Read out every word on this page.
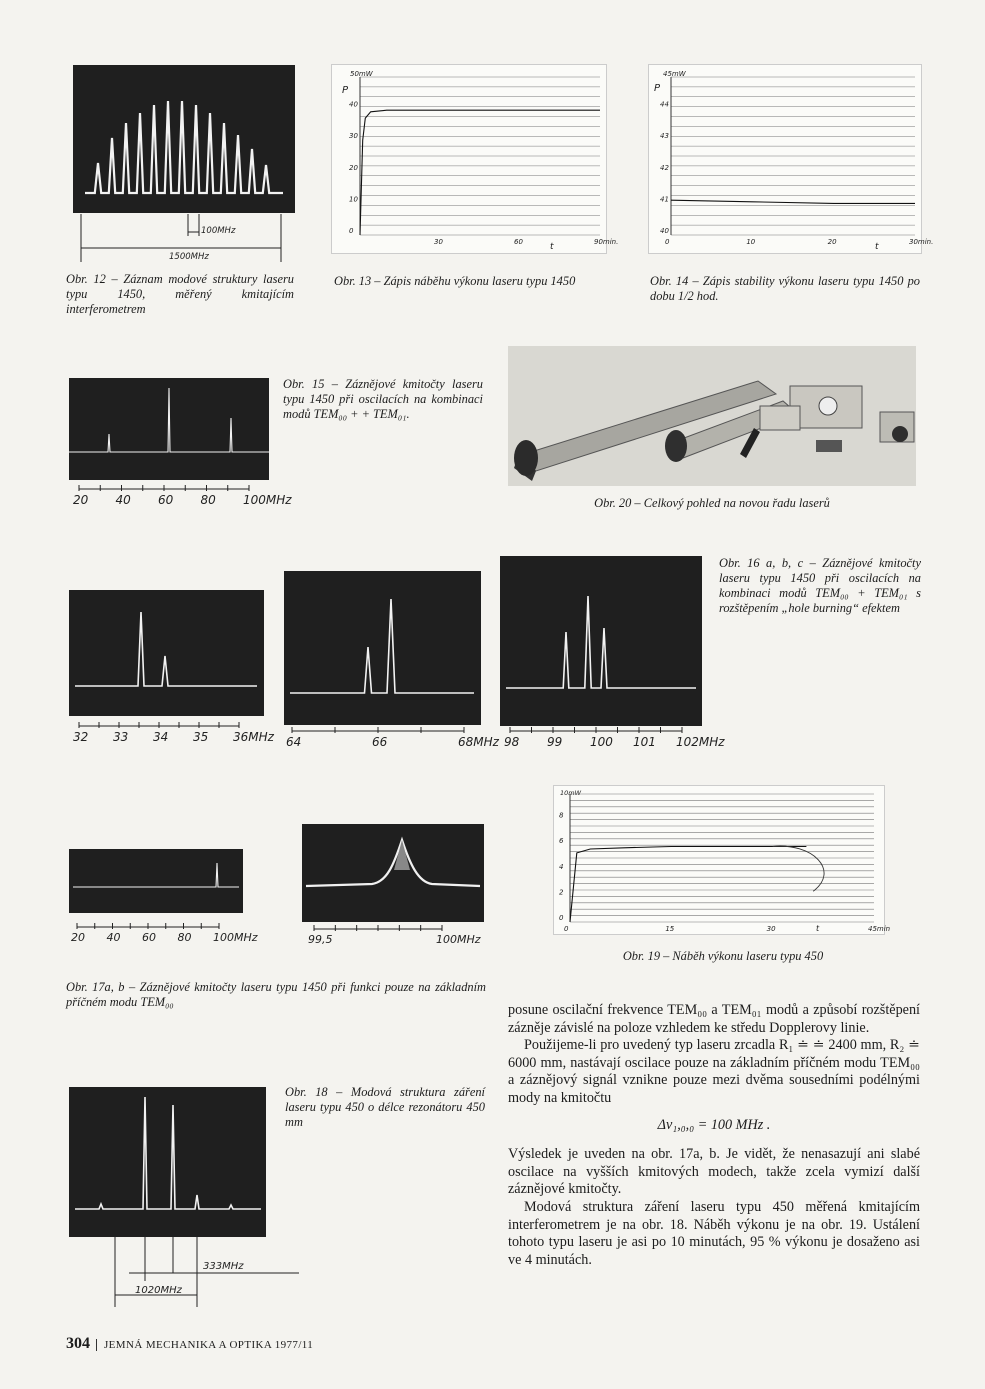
100MHz
1500MHz
Obr. 12 – Záznam modové struktury laseru typu 1450, měřený kmitajícím interferometrem
50mW
P
t
40
30
20
10
0
30	60	90min.
Obr. 13 – Zápis náběhu výkonu laseru typu 1450
45mW
P
t
44
43
42
41
40
0	10	20	30min.
Obr. 14 – Zápis stability výkonu laseru typu 1450 po dobu 1/2 hod.
20 40 60 80 100MHz
Obr. 15 – Záznějové kmitočty laseru typu 1450 při oscilacích na kombinaci modů TEM₀₀ + + TEM₀₁.
Obr. 20 – Celkový pohled na novou řadu laserů
32 33 34 35 36MHz 64	66	68MHz 98 99 100 101 102MHz
Obr. 16 a, b, c – Záznějové kmitočty laseru typu 1450 při oscilacích na kombinaci modů TEM₀₀ + TEM₀₁ s rozštěpením „hole burning“ efektem
10mW
t
8
6
4
2
0
0	15	30	45min
Obr. 19 – Náběh výkonu laseru typu 450
20 40 60 80 100MHz	99,5	100MHz
Obr. 17a, b – Záznějové kmitočty laseru typu 1450 při funkci pouze na základním příčném modu TEM₀₀
333MHz
1020MHz
Obr. 18 – Modová struktura záření laseru typu 450 o délce rezonátoru 450 mm

posune oscilační frekvence TEM₀₀ a TEM₀₁ modů a způsobí rozštěpení záznějе závislé na poloze vzhledem ke středu Dopplerovy linie.

Použijeme-li pro uvedený typ laseru zrcadla R₁ ≐ ≐ 2400 mm, R₂ ≐ 6000 mm, nastávají oscilace pouze na základním příčném modu TEM₀₀ a záznějový signál vznikne pouze mezi dvěma sousedními podélnými mody na kmitočtu

Δν₁,₀,₀ = 100 MHz .

Výsledek je uveden na obr. 17a, b. Je vidět, že nenasazují ani slabé oscilace na vyšších kmitových modech, takže zcela vymizí další záznějové kmitočty.

Modová struktura záření laseru typu 450 měřená kmitajícím interferometrem je na obr. 18. Náběh výkonu je na obr. 19. Ustálení tohoto typu laseru je asi po 10 minutách, 95 % výkonu je dosaženo asi ve 4 minutách.

304 JEMNÁ MECHANIKA A OPTIKA 1977/11
